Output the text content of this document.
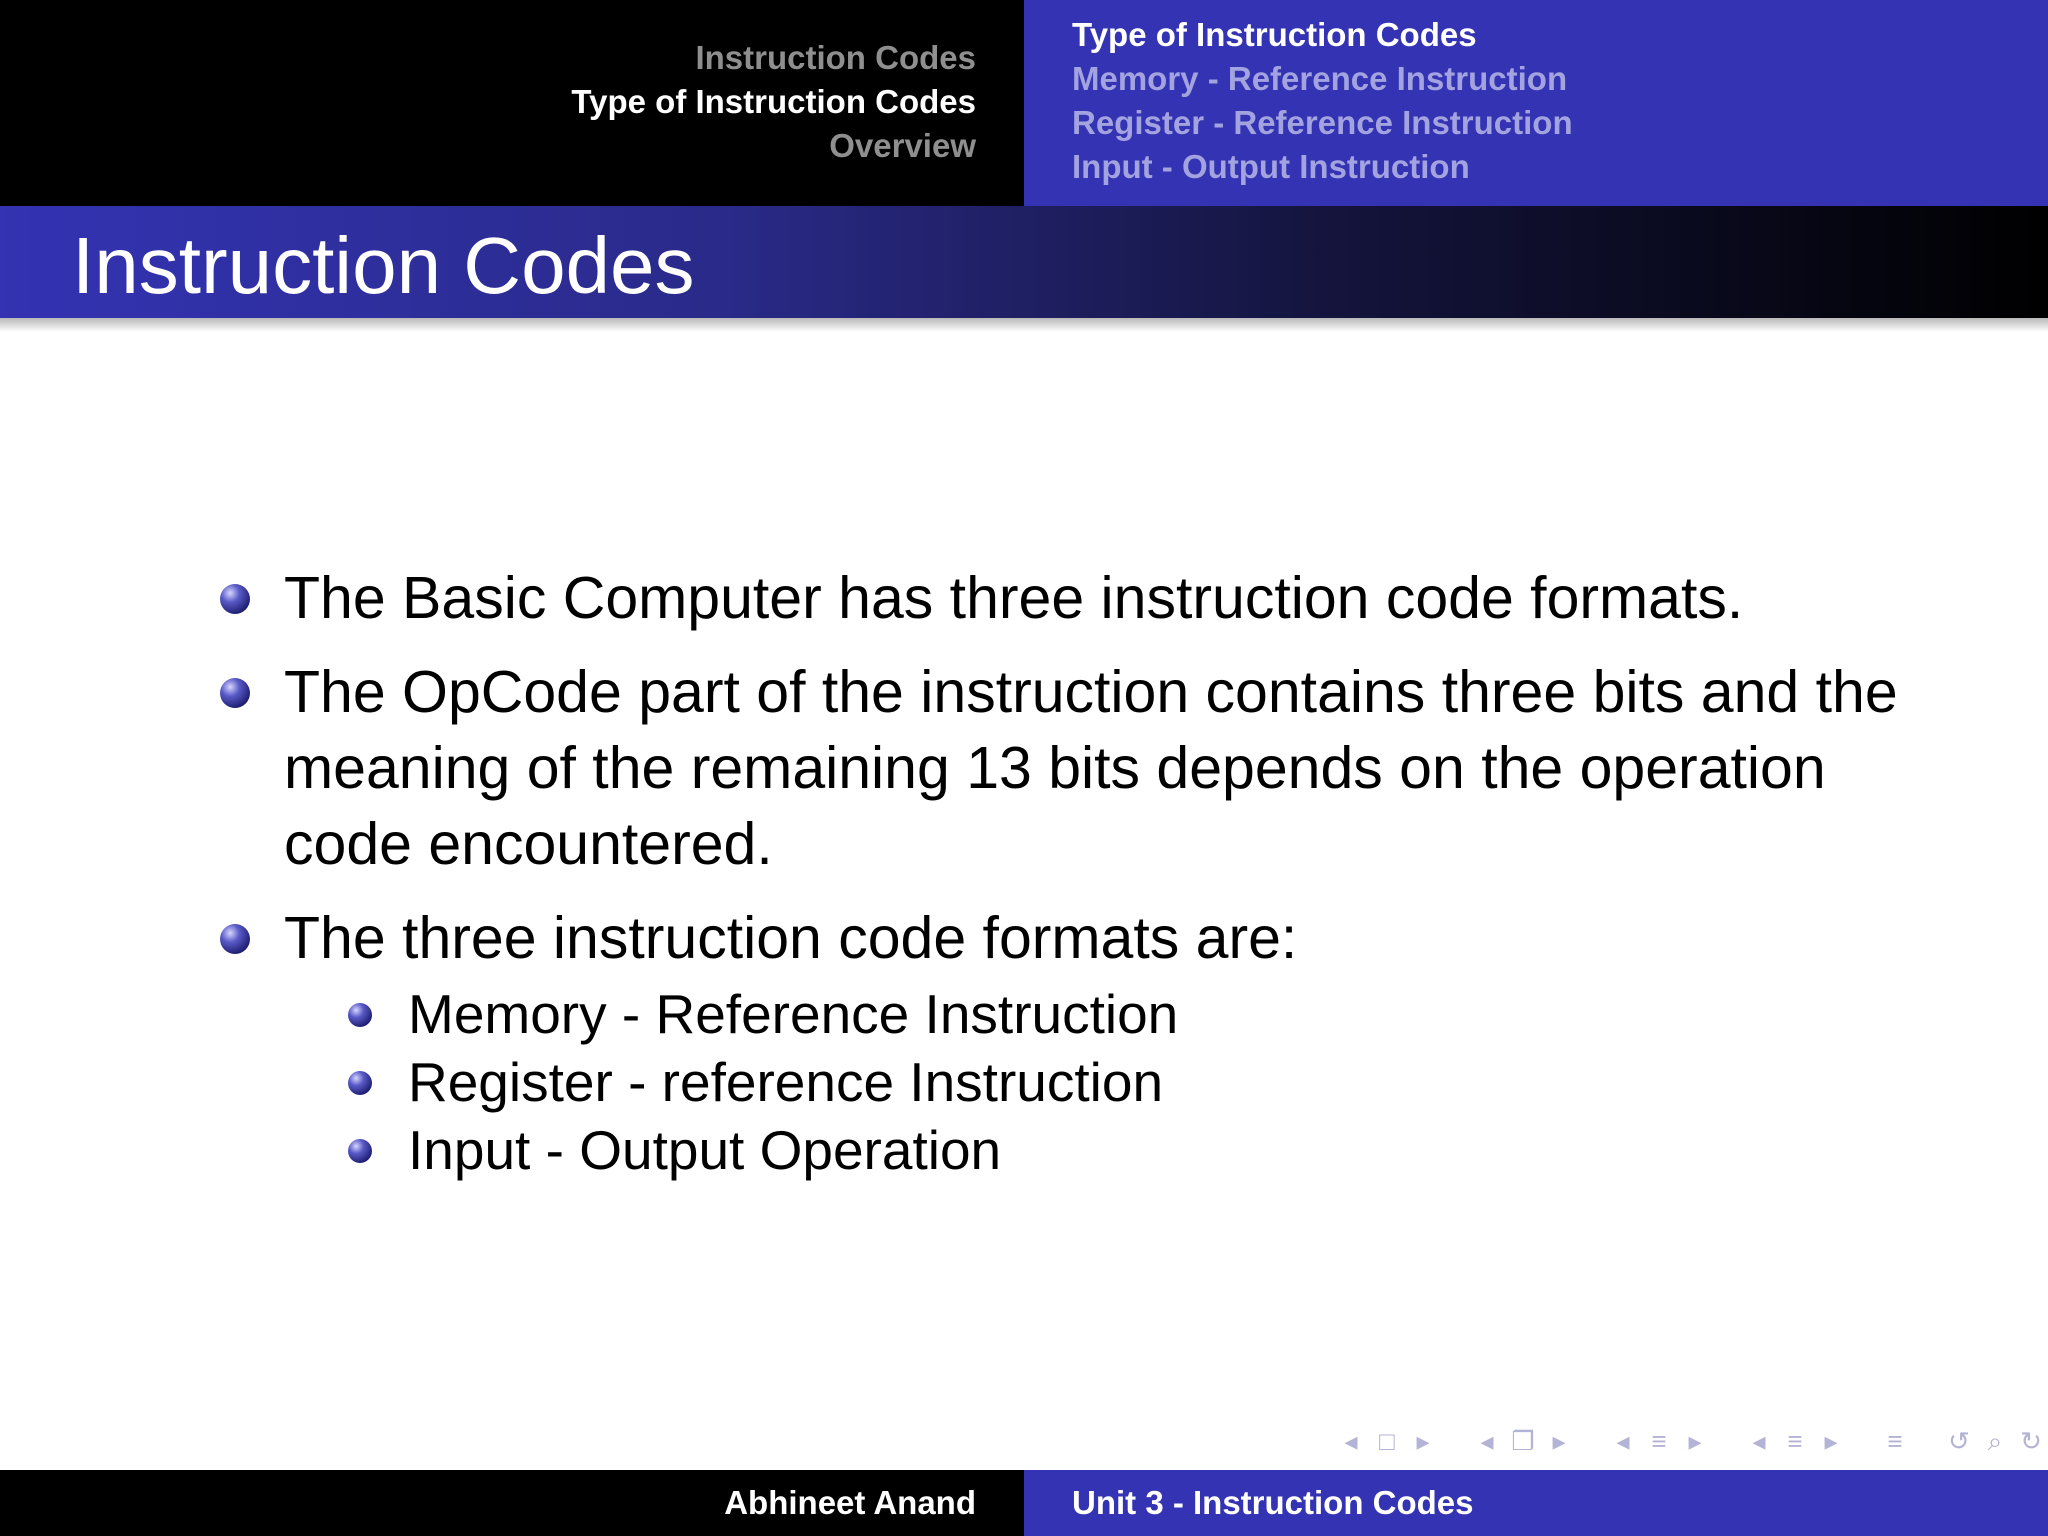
Instruction Codes
Type of Instruction Codes
Overview
Type of Instruction Codes
Memory - Reference Instruction
Register - Reference Instruction
Input - Output Instruction
Instruction Codes
The Basic Computer has three instruction code formats.
The OpCode part of the instruction contains three bits and the meaning of the remaining 13 bits depends on the operation code encountered.
The three instruction code formats are:
Memory - Reference Instruction
Register - reference Instruction
Input - Output Operation
◂ □ ▸	◂ ❐ ▸	◂ ≡ ▸	◂ ≡ ▸	≡ ↺ ⌕ ↻
Abhineet Anand	Unit 3 - Instruction Codes
